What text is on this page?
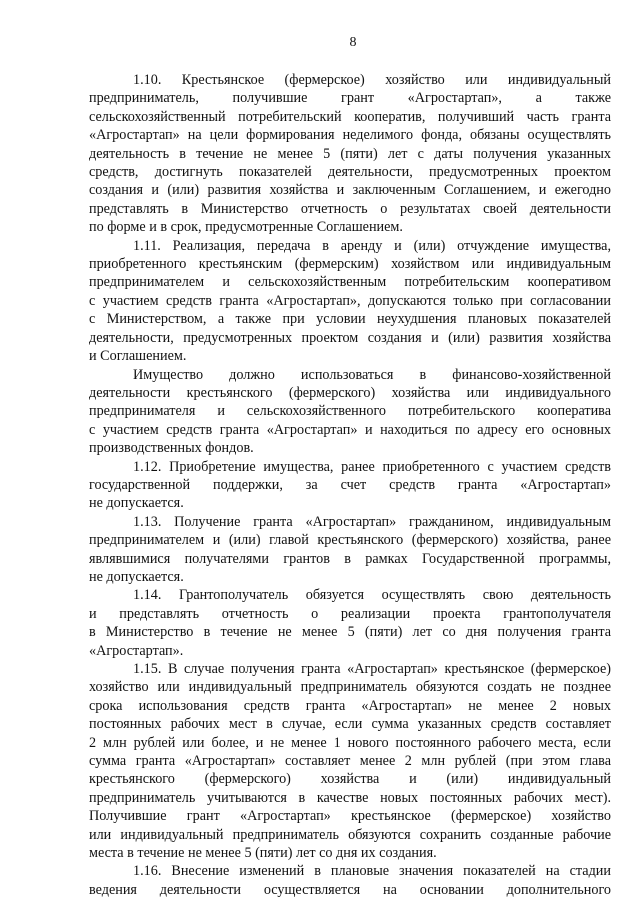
8
1.10. Крестьянское (фермерское) хозяйство или индивидуальный
предприниматель, получившие грант «Агростартап», а также
сельскохозяйственный потребительский кооператив, получивший часть гранта
«Агростартап» на цели формирования неделимого фонда, обязаны осуществлять
деятельность в течение не менее 5 (пяти) лет с даты получения указанных
средств, достигнуть показателей деятельности, предусмотренных проектом
создания и (или) развития хозяйства и заключенным Соглашением, и ежегодно
представлять в Министерство отчетность о результатах своей деятельности
по форме и в срок, предусмотренные Соглашением.
1.11. Реализация, передача в аренду и (или) отчуждение имущества,
приобретенного крестьянским (фермерским) хозяйством или индивидуальным
предпринимателем и сельскохозяйственным потребительским кооперативом
с участием средств гранта «Агростартап», допускаются только при согласовании
с Министерством, а также при условии неухудшения плановых показателей
деятельности, предусмотренных проектом создания и (или) развития хозяйства
и Соглашением.
Имущество должно использоваться в финансово-хозяйственной
деятельности крестьянского (фермерского) хозяйства или индивидуального
предпринимателя и сельскохозяйственного потребительского кооператива
с участием средств гранта «Агростартап» и находиться по адресу его основных
производственных фондов.
1.12. Приобретение имущества, ранее приобретенного с участием средств
государственной поддержки, за счет средств гранта «Агростартап»
не допускается.
1.13. Получение гранта «Агростартап» гражданином, индивидуальным
предпринимателем и (или) главой крестьянского (фермерского) хозяйства, ранее
являвшимися получателями грантов в рамках Государственной программы,
не допускается.
1.14. Грантополучатель обязуется осуществлять свою деятельность
и представлять отчетность о реализации проекта грантополучателя
в Министерство в течение не менее 5 (пяти) лет со дня получения гранта
«Агростартап».
1.15. В случае получения гранта «Агростартап» крестьянское (фермерское)
хозяйство или индивидуальный предприниматель обязуются создать не позднее
срока использования средств гранта «Агростартап» не менее 2 новых
постоянных рабочих мест в случае, если сумма указанных средств составляет
2 млн рублей или более, и не менее 1 нового постоянного рабочего места, если
сумма гранта «Агростартап» составляет менее 2 млн рублей (при этом глава
крестьянского (фермерского) хозяйства и (или) индивидуальный
предприниматель учитываются в качестве новых постоянных рабочих мест).
Получившие грант «Агростартап» крестьянское (фермерское) хозяйство
или индивидуальный предприниматель обязуются сохранить созданные рабочие
места в течение не менее 5 (пяти) лет со дня их создания.
1.16. Внесение изменений в плановые значения показателей на стадии
ведения деятельности осуществляется на основании дополнительного
